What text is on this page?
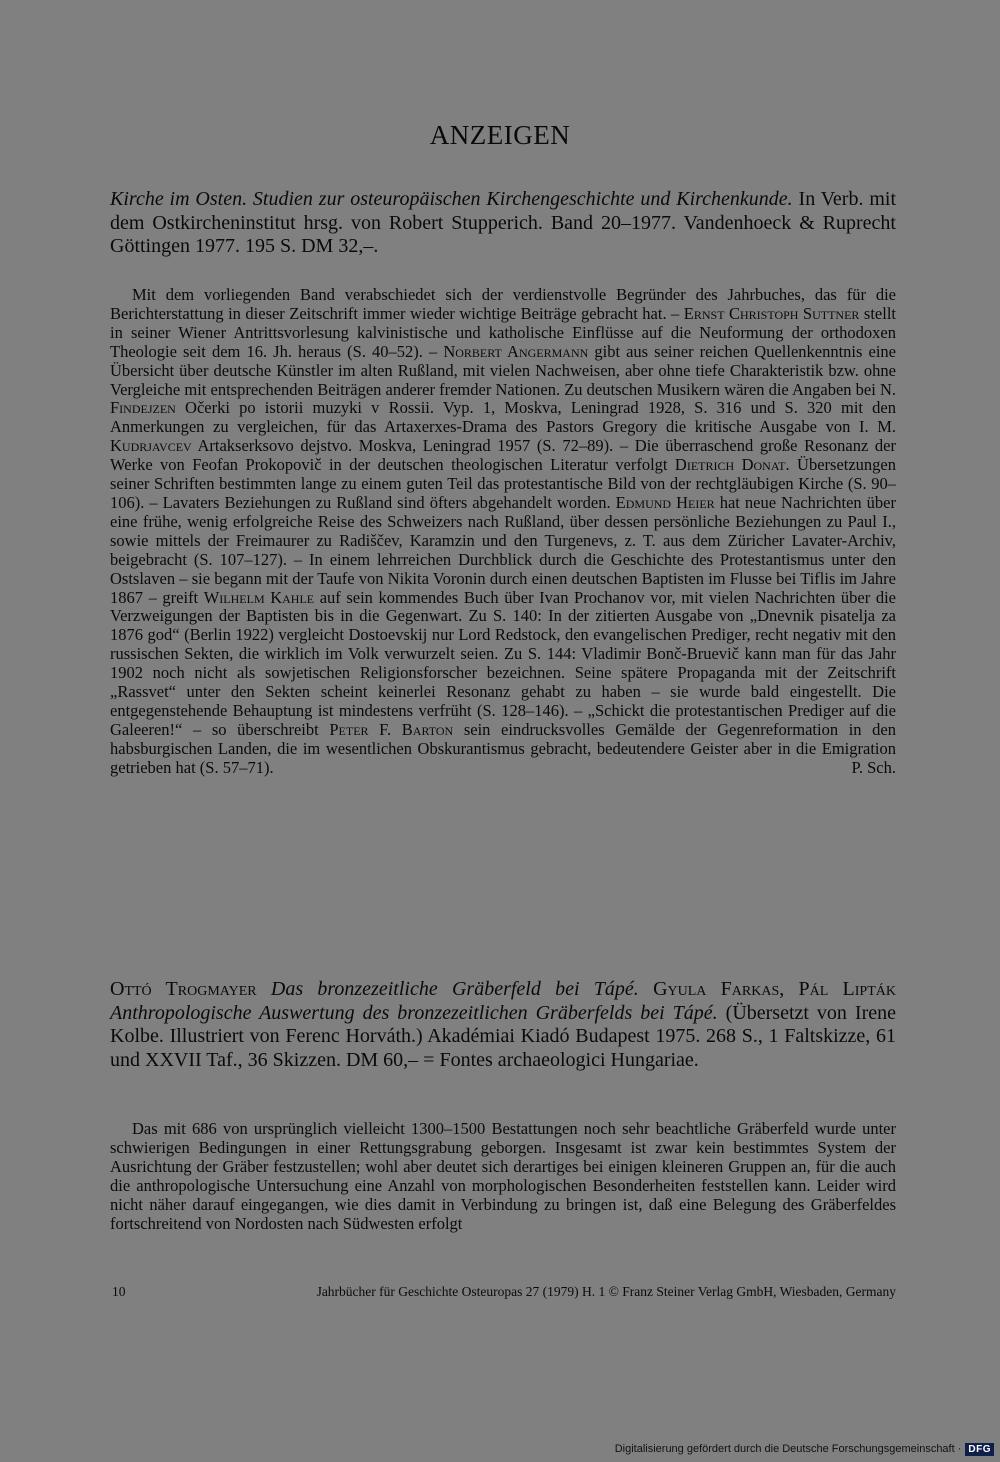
ANZEIGEN

Kirche im Osten. Studien zur osteuropäischen Kirchengeschichte und Kirchenkunde. In Verb. mit dem Ostkircheninstitut hrsg. von Robert Stupperich. Band 20–1977. Vandenhoeck & Ruprecht Göttingen 1977. 195 S. DM 32,–.

Mit dem vorliegenden Band verabschiedet sich der verdienstvolle Begründer des Jahrbuches, das für die Berichterstattung in dieser Zeitschrift immer wieder wichtige Beiträge gebracht hat. – Ernst Christoph Suttner stellt in seiner Wiener Antrittsvorlesung kalvinistische und katholische Einflüsse auf die Neuformung der orthodoxen Theologie seit dem 16. Jh. heraus (S. 40–52). – Norbert Angermann gibt aus seiner reichen Quellenkenntnis eine Übersicht über deutsche Künstler im alten Rußland, mit vielen Nachweisen, aber ohne tiefe Charakteristik bzw. ohne Vergleiche mit entsprechenden Beiträgen anderer fremder Nationen. Zu deutschen Musikern wären die Angaben bei N. Findejzen Očerki po istorii muzyki v Rossii. Vyp. 1, Moskva, Leningrad 1928, S. 316 und S. 320 mit den Anmerkungen zu vergleichen, für das Artaxerxes-Drama des Pastors Gregory die kritische Ausgabe von I. M. Kudrjavcev Artakserksovo dejstvo. Moskva, Leningrad 1957 (S. 72–89). – Die überraschend große Resonanz der Werke von Feofan Prokopovič in der deutschen theologischen Literatur verfolgt Dietrich Donat. Übersetzungen seiner Schriften bestimmten lange zu einem guten Teil das protestantische Bild von der rechtgläubigen Kirche (S. 90–106). – Lavaters Beziehungen zu Rußland sind öfters abgehandelt worden. Edmund Heier hat neue Nachrichten über eine frühe, wenig erfolgreiche Reise des Schweizers nach Rußland, über dessen persönliche Beziehungen zu Paul I., sowie mittels der Freimaurer zu Radiščev, Karamzin und den Turgenevs, z. T. aus dem Züricher Lavater-Archiv, beigebracht (S. 107–127). – In einem lehrreichen Durchblick durch die Geschichte des Protestantismus unter den Ostslaven – sie begann mit der Taufe von Nikita Voronin durch einen deutschen Baptisten im Flusse bei Tiflis im Jahre 1867 – greift Wilhelm Kahle auf sein kommendes Buch über Ivan Prochanov vor, mit vielen Nachrichten über die Verzweigungen der Baptisten bis in die Gegenwart. Zu S. 140: In der zitierten Ausgabe von „Dnevnik pisatelja za 1876 god“ (Berlin 1922) vergleicht Dostoevskij nur Lord Redstock, den evangelischen Prediger, recht negativ mit den russischen Sekten, die wirklich im Volk verwurzelt seien. Zu S. 144: Vladimir Bonč-Bruevič kann man für das Jahr 1902 noch nicht als sowjetischen Religionsforscher bezeichnen. Seine spätere Propaganda mit der Zeitschrift „Rassvet“ unter den Sekten scheint keinerlei Resonanz gehabt zu haben – sie wurde bald eingestellt. Die entgegenstehende Behauptung ist mindestens verfrüht (S. 128–146). – „Schickt die protestantischen Prediger auf die Galeeren!“ – so überschreibt Peter F. Barton sein eindrucksvolles Gemälde der Gegenreformation in den habsburgischen Landen, die im wesentlichen Obskurantismus gebracht, bedeutendere Geister aber in die Emigration getrieben hat (S. 57–71).	P. Sch.

Ottó Trogmayer Das bronzezeitliche Gräberfeld bei Tápé. Gyula Farkas, Pál Lipták Anthropologische Auswertung des bronzezeitlichen Gräberfelds bei Tápé. (Übersetzt von Irene Kolbe. Illustriert von Ferenc Horváth.) Akadémiai Kiadó Budapest 1975. 268 S., 1 Faltskizze, 61 und XXVII Taf., 36 Skizzen. DM 60,– = Fontes archaeologici Hungariae.

Das mit 686 von ursprünglich vielleicht 1300–1500 Bestattungen noch sehr beachtliche Gräberfeld wurde unter schwierigen Bedingungen in einer Rettungsgrabung geborgen. Insgesamt ist zwar kein bestimmtes System der Ausrichtung der Gräber festzustellen; wohl aber deutet sich derartiges bei einigen kleineren Gruppen an, für die auch die anthropologische Untersuchung eine Anzahl von morphologischen Besonderheiten feststellen kann. Leider wird nicht näher darauf eingegangen, wie dies damit in Verbindung zu bringen ist, daß eine Belegung des Gräberfeldes fortschreitend von Nordosten nach Südwesten erfolgt

10	Jahrbücher für Geschichte Osteuropas 27 (1979) H. 1 © Franz Steiner Verlag GmbH, Wiesbaden, Germany
Digitalisierung gefördert durch die Deutsche Forschungsgemeinschaft · DFG
